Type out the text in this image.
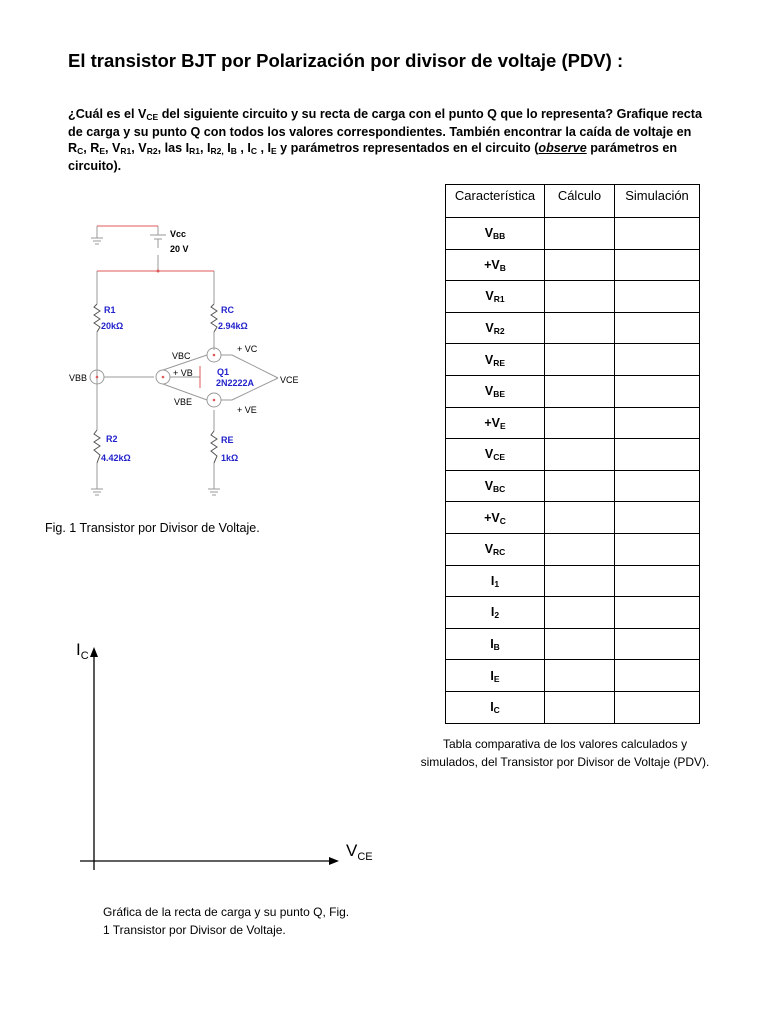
El transistor BJT por Polarización por divisor de voltaje (PDV) :
¿Cuál es el $V_{CE}$ del siguiente circuito y su recta de carga con el punto Q que lo representa? Grafique recta de carga y su punto Q con todos los valores correspondientes. También encontrar la caída de voltaje en $R_C$, $R_E$, $V_{R1}$, $V_{R2}$, las $I_{R1}$, $I_{R2,}$ $I_B$ , $I_C$ , $I_E$ y parámetros representados en el circuito (observe parámetros en circuito).
Vcc
20 V
R1
20kΩ
RC
2.94kΩ
R2
4.42kΩ
RE
1kΩ
Q1
2N2222A
VBB
VBC
+ VB
+ VC
VBE
+ VE
VCE
$I_C$
$V_{CE}$
Fig. 1 Transistor por Divisor de Voltaje.
Característica	Cálculo	Simulación
$V_{BB}$		
$+V_B$		
$V_{R1}$		
$V_{R2}$		
$V_{RE}$		
$V_{BE}$		
$+V_E$		
$V_{CE}$		
$V_{BC}$		
$+V_C$		
$V_{RC}$		
$I_1$		
$I_2$		
$I_B$		
$I_E$		
$I_C$		
Tabla comparativa de los valores calculados y
simulados, del Transistor por Divisor de Voltaje (PDV).
Gráfica de la recta de carga y su punto Q, Fig.
1 Transistor por Divisor de Voltaje.
